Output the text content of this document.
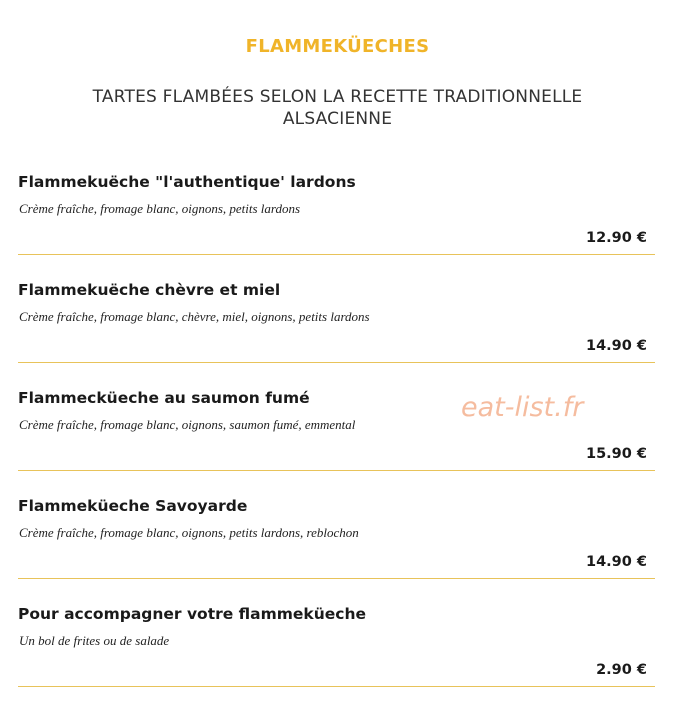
FLAMMEKÜECHES

TARTES FLAMBÉES SELON LA RECETTE TRADITIONNELLE ALSACIENNE

Flammekuëche "l'authentique' lardons
Crème fraîche, fromage blanc, oignons, petits lardons
12.90 €
Flammekuëche chèvre et miel
Crème fraîche, fromage blanc, chèvre, miel, oignons, petits lardons
14.90 €
Flammecküeche au saumon fumé
Crème fraîche, fromage blanc, oignons, saumon fumé, emmental
15.90 €
Flammeküeche Savoyarde
Crème fraîche, fromage blanc, oignons, petits lardons, reblochon
14.90 €
Pour accompagner votre flammeküeche
Un bol de frites ou de salade
2.90 €
eat-list.fr
